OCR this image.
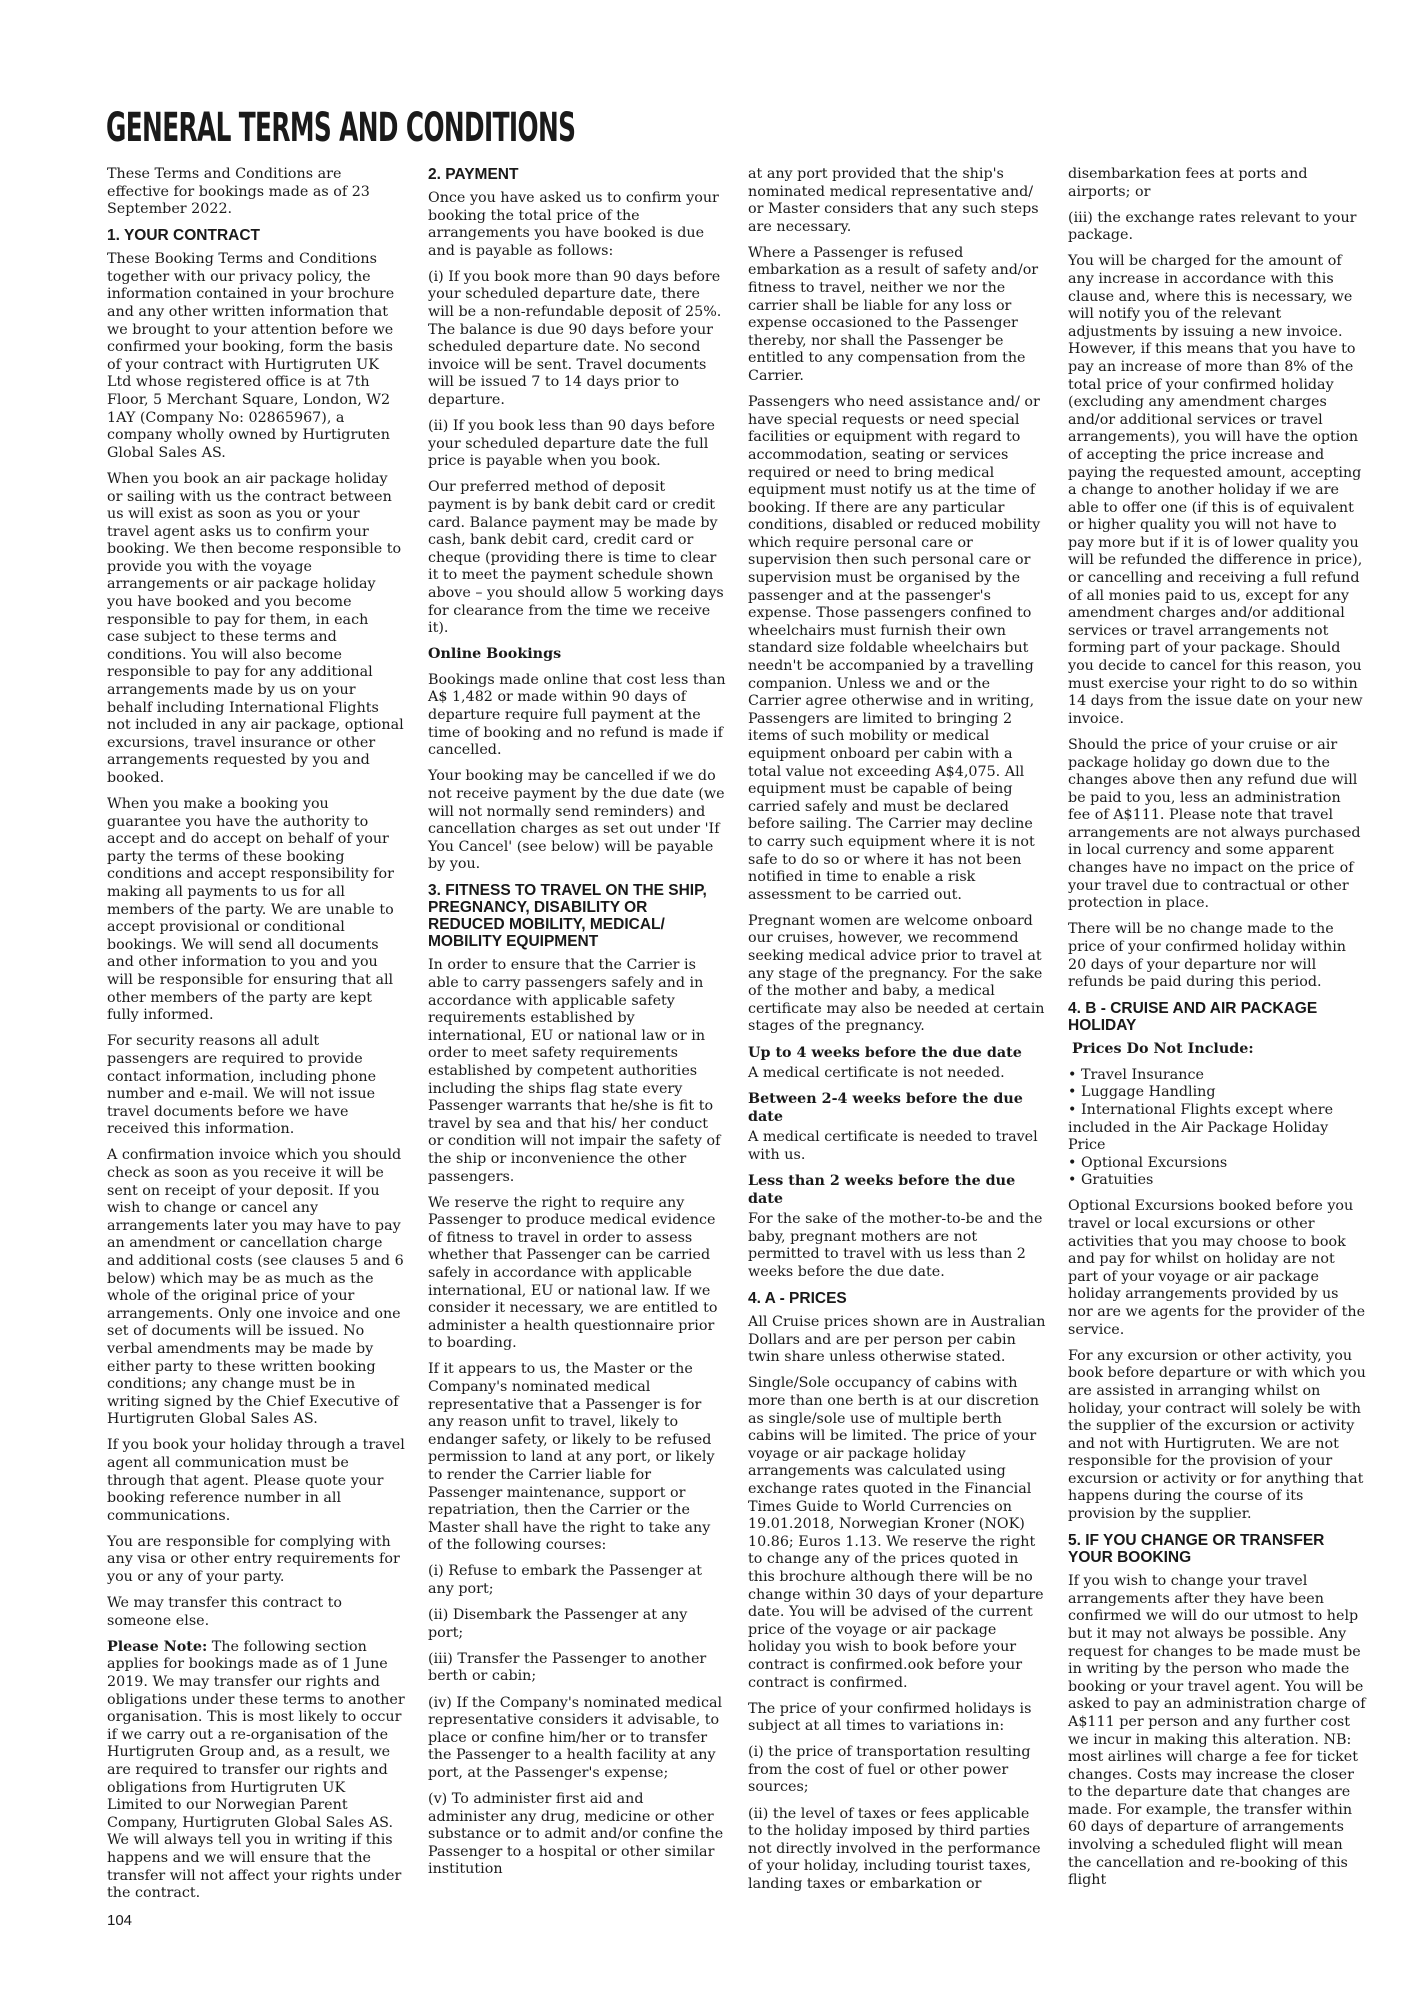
GENERAL TERMS AND CONDITIONS

These Terms and Conditions are effective for bookings made as of 23 September 2022.

1. YOUR CONTRACT

These Booking Terms and Conditions together with our privacy policy, the information contained in your brochure and any other written information that we brought to your attention before we confirmed your booking, form the basis of your contract with Hurtigruten UK Ltd whose registered office is at 7th Floor, 5 Merchant Square, London, W2 1AY (Company No: 02865967), a company wholly owned by Hurtigruten Global Sales AS.

When you book an air package holiday or sailing with us the contract between us will exist as soon as you or your travel agent asks us to confirm your booking. We then become responsible to provide you with the voyage arrangements or air package holiday you have booked and you become responsible to pay for them, in each case subject to these terms and conditions. You will also become responsible to pay for any additional arrangements made by us on your behalf including International Flights not included in any air package, optional excursions, travel insurance or other arrangements requested by you and booked.

When you make a booking you guarantee you have the authority to accept and do accept on behalf of your party the terms of these booking conditions and accept responsibility for making all payments to us for all members of the party. We are unable to accept provisional or conditional bookings. We will send all documents and other information to you and you will be responsible for ensuring that all other members of the party are kept fully informed.

For security reasons all adult passengers are required to provide contact information, including phone number and e-mail. We will not issue travel documents before we have received this information.

A confirmation invoice which you should check as soon as you receive it will be sent on receipt of your deposit. If you wish to change or cancel any arrangements later you may have to pay an amendment or cancellation charge and additional costs (see clauses 5 and 6 below) which may be as much as the whole of the original price of your arrangements. Only one invoice and one set of documents will be issued. No verbal amendments may be made by either party to these written booking conditions; any change must be in writing signed by the Chief Executive of Hurtigruten Global Sales AS.

If you book your holiday through a travel agent all communication must be through that agent. Please quote your booking reference number in all communications.

You are responsible for complying with any visa or other entry requirements for you or any of your party.

We may transfer this contract to someone else.

Please Note: The following section applies for bookings made as of 1 June 2019. We may transfer our rights and obligations under these terms to another organisation. This is most likely to occur if we carry out a re-organisation of the Hurtigruten Group and, as a result, we are required to transfer our rights and obligations from Hurtigruten UK Limited to our Norwegian Parent Company, Hurtigruten Global Sales AS. We will always tell you in writing if this happens and we will ensure that the transfer will not affect your rights under the contract.

2. PAYMENT

Once you have asked us to confirm your booking the total price of the arrangements you have booked is due and is payable as follows:

(i) If you book more than 90 days before your scheduled departure date, there will be a non-refundable deposit of 25%. The balance is due 90 days before your scheduled departure date. No second invoice will be sent. Travel documents will be issued 7 to 14 days prior to departure.

(ii) If you book less than 90 days before your scheduled departure date the full price is payable when you book.

Our preferred method of deposit payment is by bank debit card or credit card. Balance payment may be made by cash, bank debit card, credit card or cheque (providing there is time to clear it to meet the payment schedule shown above – you should allow 5 working days for clearance from the time we receive it).

Online Bookings

Bookings made online that cost less than A$ 1,482 or made within 90 days of departure require full payment at the time of booking and no refund is made if cancelled.

Your booking may be cancelled if we do not receive payment by the due date (we will not normally send reminders) and cancellation charges as set out under 'If You Cancel' (see below) will be payable by you.

3. FITNESS TO TRAVEL ON THE SHIP, PREGNANCY, DISABILITY OR REDUCED MOBILITY, MEDICAL/ MOBILITY EQUIPMENT

In order to ensure that the Carrier is able to carry passengers safely and in accordance with applicable safety requirements established by international, EU or national law or in order to meet safety requirements established by competent authorities including the ships flag state every Passenger warrants that he/she is fit to travel by sea and that his/ her conduct or condition will not impair the safety of the ship or inconvenience the other passengers.

We reserve the right to require any Passenger to produce medical evidence of fitness to travel in order to assess whether that Passenger can be carried safely in accordance with applicable international, EU or national law. If we consider it necessary, we are entitled to administer a health questionnaire prior to boarding.

If it appears to us, the Master or the Company's nominated medical representative that a Passenger is for any reason unfit to travel, likely to endanger safety, or likely to be refused permission to land at any port, or likely to render the Carrier liable for Passenger maintenance, support or repatriation, then the Carrier or the Master shall have the right to take any of the following courses:

(i) Refuse to embark the Passenger at any port;

(ii) Disembark the Passenger at any port;

(iii) Transfer the Passenger to another berth or cabin;

(iv) If the Company's nominated medical representative considers it advisable, to place or confine him/her or to transfer the Passenger to a health facility at any port, at the Passenger's expense;

(v) To administer first aid and administer any drug, medicine or other substance or to admit and/or confine the Passenger to a hospital or other similar institution

at any port provided that the ship's nominated medical representative and/ or Master considers that any such steps are necessary.

Where a Passenger is refused embarkation as a result of safety and/or fitness to travel, neither we nor the carrier shall be liable for any loss or expense occasioned to the Passenger thereby, nor shall the Passenger be entitled to any compensation from the Carrier.

Passengers who need assistance and/ or have special requests or need special facilities or equipment with regard to accommodation, seating or services required or need to bring medical equipment must notify us at the time of booking. If there are any particular conditions, disabled or reduced mobility which require personal care or supervision then such personal care or supervision must be organised by the passenger and at the passenger's expense. Those passengers confined to wheelchairs must furnish their own standard size foldable wheelchairs but needn't be accompanied by a travelling companion. Unless we and or the Carrier agree otherwise and in writing, Passengers are limited to bringing 2 items of such mobility or medical equipment onboard per cabin with a total value not exceeding A$4,075. All equipment must be capable of being carried safely and must be declared before sailing. The Carrier may decline to carry such equipment where it is not safe to do so or where it has not been notified in time to enable a risk assessment to be carried out.

Pregnant women are welcome onboard our cruises, however, we recommend seeking medical advice prior to travel at any stage of the pregnancy. For the sake of the mother and baby, a medical certificate may also be needed at certain stages of the pregnancy.

Up to 4 weeks before the due date

A medical certificate is not needed.

Between 2-4 weeks before the due date

A medical certificate is needed to travel with us.

Less than 2 weeks before the due date

For the sake of the mother-to-be and the baby, pregnant mothers are not permitted to travel with us less than 2 weeks before the due date.

4. A - PRICES

All Cruise prices shown are in Australian Dollars and are per person per cabin twin share unless otherwise stated.

Single/Sole occupancy of cabins with more than one berth is at our discretion as single/sole use of multiple berth cabins will be limited. The price of your voyage or air package holiday arrangements was calculated using exchange rates quoted in the Financial Times Guide to World Currencies on 19.01.2018, Norwegian Kroner (NOK) 10.86; Euros 1.13. We reserve the right to change any of the prices quoted in this brochure although there will be no change within 30 days of your departure date. You will be advised of the current price of the voyage or air package holiday you wish to book before your contract is confirmed.ook before your contract is confirmed.

The price of your confirmed holidays is subject at all times to variations in:

(i) the price of transportation resulting from the cost of fuel or other power sources;

(ii) the level of taxes or fees applicable to the holiday imposed by third parties not directly involved in the performance of your holiday, including tourist taxes, landing taxes or embarkation or

disembarkation fees at ports and airports; or

(iii) the exchange rates relevant to your package.

You will be charged for the amount of any increase in accordance with this clause and, where this is necessary, we will notify you of the relevant adjustments by issuing a new invoice. However, if this means that you have to pay an increase of more than 8% of the total price of your confirmed holiday (excluding any amendment charges and/or additional services or travel arrangements), you will have the option of accepting the price increase and paying the requested amount, accepting a change to another holiday if we are able to offer one (if this is of equivalent or higher quality you will not have to pay more but if it is of lower quality you will be refunded the difference in price), or cancelling and receiving a full refund of all monies paid to us, except for any amendment charges and/or additional services or travel arrangements not forming part of your package. Should you decide to cancel for this reason, you must exercise your right to do so within 14 days from the issue date on your new invoice.

Should the price of your cruise or air package holiday go down due to the changes above then any refund due will be paid to you, less an administration fee of A$111. Please note that travel arrangements are not always purchased in local currency and some apparent changes have no impact on the price of your travel due to contractual or other protection in place.

There will be no change made to the price of your confirmed holiday within 20 days of your departure nor will refunds be paid during this period.

4. B - CRUISE AND AIR PACKAGE HOLIDAY

Prices Do Not Include:

• Travel Insurance
• Luggage Handling
• International Flights except where included in the Air Package Holiday Price
• Optional Excursions
• Gratuities

Optional Excursions booked before you travel or local excursions or other activities that you may choose to book and pay for whilst on holiday are not part of your voyage or air package holiday arrangements provided by us nor are we agents for the provider of the service.

For any excursion or other activity, you book before departure or with which you are assisted in arranging whilst on holiday, your contract will solely be with the supplier of the excursion or activity and not with Hurtigruten. We are not responsible for the provision of your excursion or activity or for anything that happens during the course of its provision by the supplier.

5. IF YOU CHANGE OR TRANSFER YOUR BOOKING

If you wish to change your travel arrangements after they have been confirmed we will do our utmost to help but it may not always be possible. Any request for changes to be made must be in writing by the person who made the booking or your travel agent. You will be asked to pay an administration charge of A$111 per person and any further cost we incur in making this alteration. NB: most airlines will charge a fee for ticket changes. Costs may increase the closer to the departure date that changes are made. For example, the transfer within 60 days of departure of arrangements involving a scheduled flight will mean the cancellation and re-booking of this flight

104
